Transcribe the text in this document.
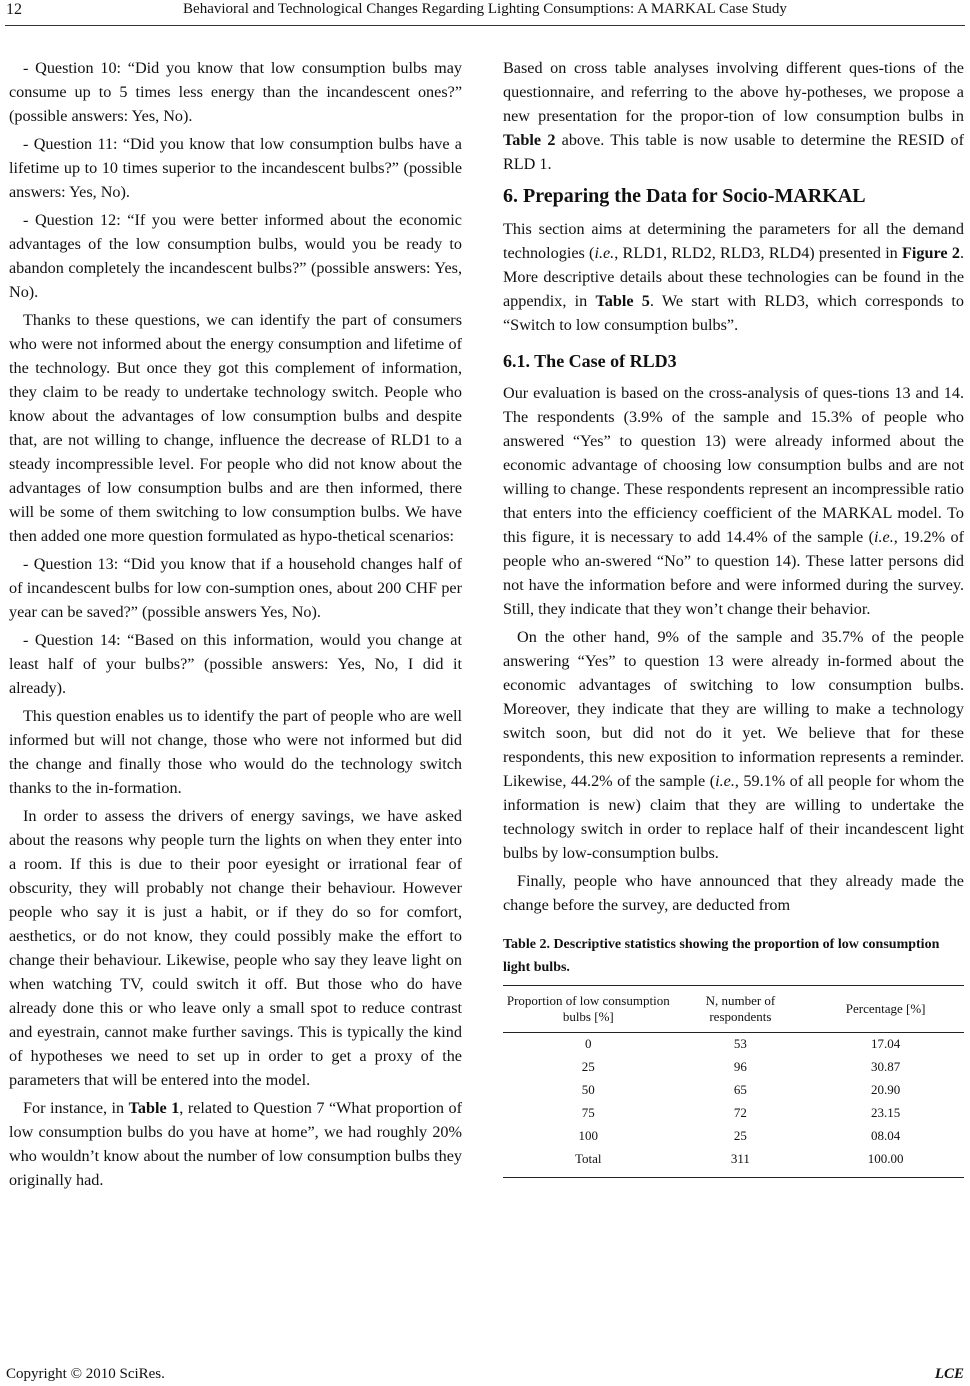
12	Behavioral and Technological Changes Regarding Lighting Consumptions: A MARKAL Case Study

- Question 10: “Did you know that low consumption bulbs may consume up to 5 times less energy than the incandescent ones?” (possible answers: Yes, No).

- Question 11: “Did you know that low consumption bulbs have a lifetime up to 10 times superior to the incandescent bulbs?” (possible answers: Yes, No).

- Question 12: “If you were better informed about the economic advantages of the low consumption bulbs, would you be ready to abandon completely the incandescent bulbs?” (possible answers: Yes, No).

Thanks to these questions, we can identify the part of consumers who were not informed about the energy consumption and lifetime of the technology. But once they got this complement of information, they claim to be ready to undertake technology switch. People who know about the advantages of low consumption bulbs and despite that, are not willing to change, influence the decrease of RLD1 to a steady incompressible level. For people who did not know about the advantages of low consumption bulbs and are then informed, there will be some of them switching to low consumption bulbs. We have then added one more question formulated as hypo-thetical scenarios:

- Question 13: “Did you know that if a household changes half of of incandescent bulbs for low con-sumption ones, about 200 CHF per year can be saved?” (possible answers Yes, No).

- Question 14: “Based on this information, would you change at least half of your bulbs?” (possible answers: Yes, No, I did it already).

This question enables us to identify the part of people who are well informed but will not change, those who were not informed but did the change and finally those who would do the technology switch thanks to the in-formation.

In order to assess the drivers of energy savings, we have asked about the reasons why people turn the lights on when they enter into a room. If this is due to their poor eyesight or irrational fear of obscurity, they will probably not change their behaviour. However people who say it is just a habit, or if they do so for comfort, aesthetics, or do not know, they could possibly make the effort to change their behaviour. Likewise, people who say they leave light on when watching TV, could switch it off. But those who do have already done this or who leave only a small spot to reduce contrast and eyestrain, cannot make further savings. This is typically the kind of hypotheses we need to set up in order to get a proxy of the parameters that will be entered into the model.

For instance, in Table 1, related to Question 7 “What proportion of low consumption bulbs do you have at home”, we had roughly 20% who wouldn’t know about the number of low consumption bulbs they originally had.

Based on cross table analyses involving different ques-tions of the questionnaire, and referring to the above hy-potheses, we propose a new presentation for the propor-tion of low consumption bulbs in Table 2 above. This table is now usable to determine the RESID of RLD 1.

6. Preparing the Data for Socio-MARKAL

This section aims at determining the parameters for all the demand technologies (i.e., RLD1, RLD2, RLD3, RLD4) presented in Figure 2. More descriptive details about these technologies can be found in the appendix, in Table 5. We start with RLD3, which corresponds to “Switch to low consumption bulbs”.

6.1. The Case of RLD3

Our evaluation is based on the cross-analysis of ques-tions 13 and 14. The respondents (3.9% of the sample and 15.3% of people who answered “Yes” to question 13) were already informed about the economic advantage of choosing low consumption bulbs and are not willing to change. These respondents represent an incompressible ratio that enters into the efficiency coefficient of the MARKAL model. To this figure, it is necessary to add 14.4% of the sample (i.e., 19.2% of people who an-swered “No” to question 14). These latter persons did not have the information before and were informed during the survey. Still, they indicate that they won’t change their behavior.

On the other hand, 9% of the sample and 35.7% of the people answering “Yes” to question 13 were already in-formed about the economic advantages of switching to low consumption bulbs. Moreover, they indicate that they are willing to make a technology switch soon, but did not do it yet. We believe that for these respondents, this new exposition to information represents a reminder. Likewise, 44.2% of the sample (i.e., 59.1% of all people for whom the information is new) claim that they are willing to undertake the technology switch in order to replace half of their incandescent light bulbs by low-consumption bulbs.

Finally, people who have announced that they already made the change before the survey, are deducted from

Table 2. Descriptive statistics showing the proportion of low consumption light bulbs.
Proportion of low consumption bulbs [%]	N, number of respondents	Percentage [%]
0	53	17.04
25	96	30.87
50	65	20.90
75	72	23.15
100	25	08.04
Total	311	100.00
Copyright © 2010 SciRes.	LCE
